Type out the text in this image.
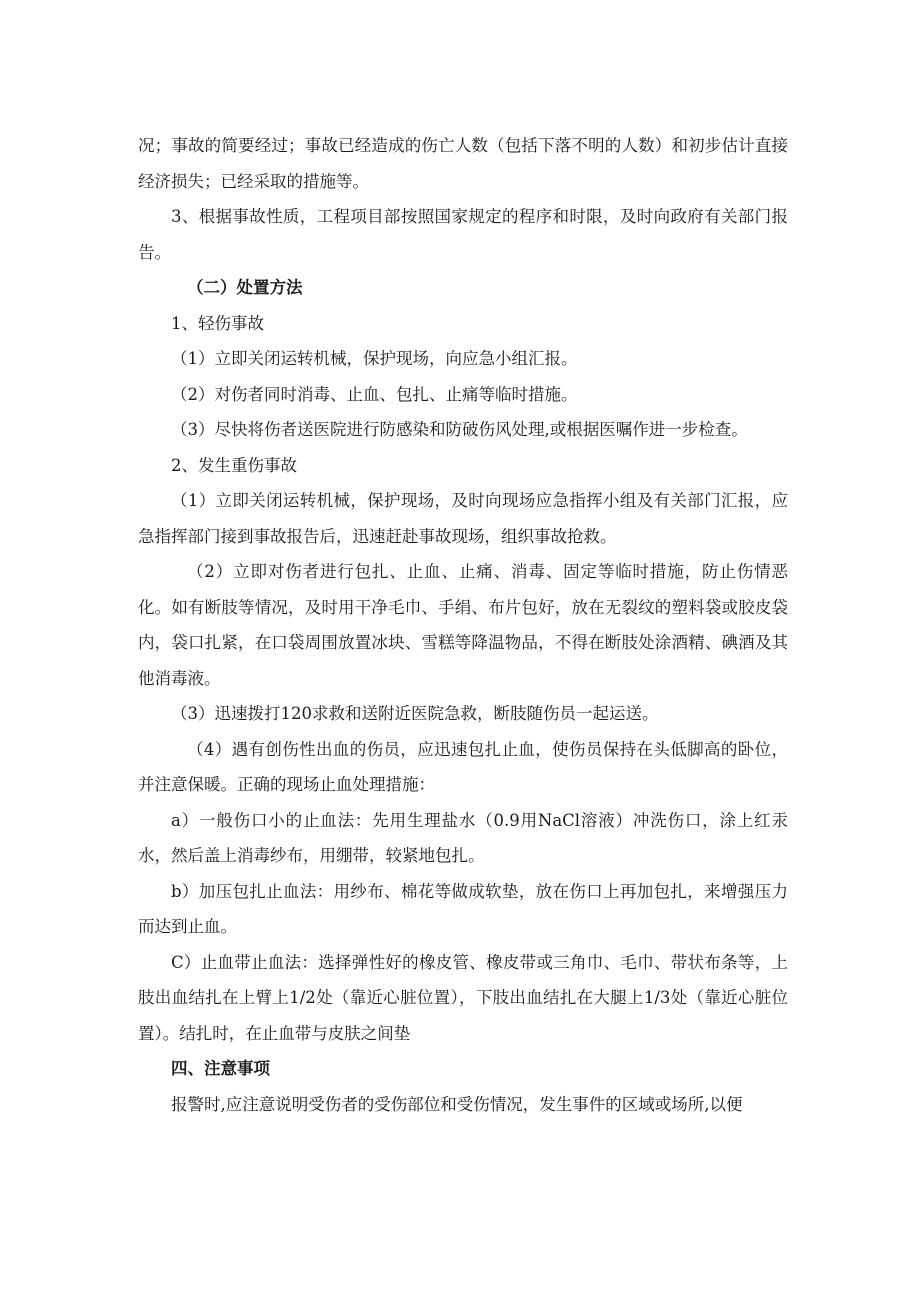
况；事故的简要经过；事故已经造成的伤亡人数（包括下落不明的人数）和初步估计直接经济损失；已经采取的措施等。

3、根据事故性质，工程项目部按照国家规定的程序和时限，及时向政府有关部门报告。

（二）处置方法

1、轻伤事故

（1）立即关闭运转机械，保护现场，向应急小组汇报。

（2）对伤者同时消毒、止血、包扎、止痛等临时措施。

（3）尽快将伤者送医院进行防感染和防破伤风处理,或根据医嘱作进一步检查。

2、发生重伤事故

（1）立即关闭运转机械，保护现场，及时向现场应急指挥小组及有关部门汇报，应急指挥部门接到事故报告后，迅速赶赴事故现场，组织事故抢救。

（2）立即对伤者进行包扎、止血、止痛、消毒、固定等临时措施，防止伤情恶化。如有断肢等情况，及时用干净毛巾、手绢、布片包好，放在无裂纹的塑料袋或胶皮袋内，袋口扎紧，在口袋周围放置冰块、雪糕等降温物品，不得在断肢处涂酒精、碘酒及其他消毒液。

（3）迅速拨打120求救和送附近医院急救，断肢随伤员一起运送。

（4）遇有创伤性出血的伤员，应迅速包扎止血，使伤员保持在头低脚高的卧位，并注意保暖。正确的现场止血处理措施：

a）一般伤口小的止血法：先用生理盐水（0.9用NaCl溶液）冲洗伤口，涂上红汞水，然后盖上消毒纱布，用绷带，较紧地包扎。

b）加压包扎止血法：用纱布、棉花等做成软垫，放在伤口上再加包扎，来增强压力而达到止血。

C）止血带止血法：选择弹性好的橡皮管、橡皮带或三角巾、毛巾、带状布条等，上肢出血结扎在上臂上1/2处（靠近心脏位置），下肢出血结扎在大腿上1/3处（靠近心脏位置）。结扎时，在止血带与皮肤之间垫

四、注意事项

报警时,应注意说明受伤者的受伤部位和受伤情况，发生事件的区域或场所,以便
